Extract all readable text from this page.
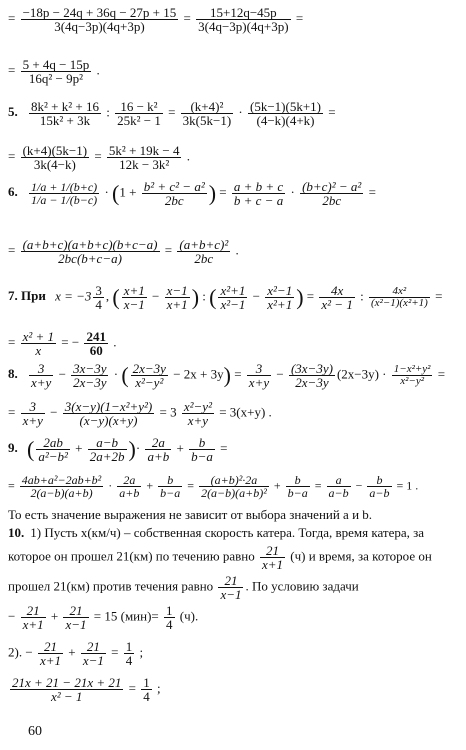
= $\frac{-18p - 24q + 36q - 27p + 15}{3(4q-3p)(4q+3p)} = \frac{15+12q-45p}{3(4q-3p)(4q+3p)}$ =
= $\frac{5 + 4q - 15p}{\text{16q² − 9p²}}$ .
5. $\frac{\text{8k² + k² + 16}}{\text{15k² + 3k}}$ : $\frac{\text{16 − k²}}{\text{25k² − 1}} = \frac{\text{(k+4)²}}{3k(5k-1)} \cdot \frac{(5k-1)(5k+1)}{(4-k)(4+k)}$ =
= $\frac{(k+4)(5k-1)}{3k(4-k)} = \frac{\text{5k² + 19k − 4}}{\text{12k − 3k²}}$ .
6. $\frac{1/a + 1/(b+c)}{1/a - 1/(b-c)} \cdot (1 + \frac{\text{b² + c² − a²}}{2bc}$ ) = $\frac{a + b + c}{b + c - a} \cdot \frac{\text{(b+c)² − a²}}{2bc}$ =
= $\frac{(a+b+c)(a+b+c)(b+c-a)}{2bc(b+c-a)} = \frac{\text{(a+b+c)²}}{2bc}$ .
7. При $x = -3 \frac{3}{4}$ , ( $\frac{x+1}{x-1} - \frac{x-1}{x+1}$ ) : ( $\frac{\text{x²+1}}{\text{x²−1}} - \frac{\text{x²−1}}{\text{x²+1}}$ ) = $\frac{4x}{\text{x² − 1}}$ : $\frac{\text{4x²}}{\text{(x²−1)(x²+1)}}$ =
= $\frac{\text{x² + 1}}{x}$ = − $\frac{241}{60}$ .
8. $\frac{3}{x+y} - \frac{3x-3y}{2x-3y}$ · ( $\frac{2x-3y}{\text{x²−y²}} - 2x + 3y) = \frac{3}{x+y} - \frac{(3x-3y)}{2x-3y} (2x-3y) \cdot \frac{\text{1−x²+y²}}{\text{x²−y²}}$ =
= $\frac{3}{x+y} - \frac{\text{3(x−y)(1−x²+y²)}}{(x-y)(x+y)} = 3 \frac{\text{x²−y²}}{x+y} = 3(x+y)$ .
9. ( $\frac{2ab}{\text{a²−b²}} + \frac{a-b}{2a+2b}$ )· $\frac{2a}{a+b} + \frac{b}{b-a}$ =
= $\frac{\text{4ab+a²−2ab+b²}}{2(a-b)(a+b)} \cdot \frac{2a}{a+b} + \frac{b}{b-a} = \frac{\text{(a+b)²·2a}}{\text{2(a−b)(a+b)²}} + \frac{b}{b-a} = \frac{a}{a-b} - \frac{b}{a-b} = 1$ .
То есть значение выражения не зависит от выбора значений a и b.
10. 1) Пусть x(км/ч) – собственная скорость катера. Тогда, время катера, за
которое он прошел 21(км) по течению равно $\frac{21}{x+1} (ч)$ и время, за которое он
прошел 21(км) против течения равно $\frac{21}{x-1}$ . По условию задачи
− $\frac{21}{x+1} + \frac{21}{x-1} = 15$ $(мин)= \frac{1}{4} (ч)$.
2). − $\frac{21}{x+1} + \frac{21}{x-1} = \frac{1}{4}$ ;
$\frac{21x + 21 - 21x + 21}{\text{x² − 1}} = \frac{1}{4}$ ;
60
